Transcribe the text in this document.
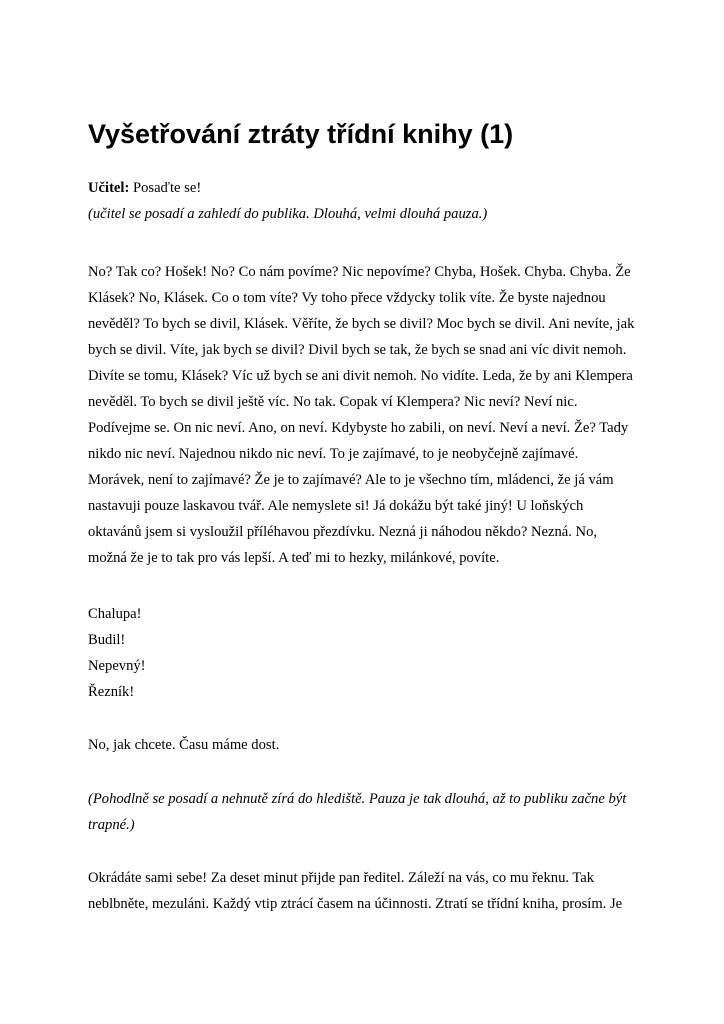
Vyšetřování ztráty třídní knihy (1)
Učitel: Posaďte se!
(učitel se posadí a zahledí do publika. Dlouhá, velmi dlouhá pauza.)
No? Tak co? Hošek! No? Co nám povíme? Nic nepovíme? Chyba, Hošek. Chyba. Chyba. Že
Klásek? No, Klásek. Co o tom víte? Vy toho přece vždycky tolik víte. Že byste najednou
nevěděl? To bych se divil, Klásek. Věříte, že bych se divil? Moc bych se divil. Ani nevíte, jak
bych se divil. Víte, jak bych se divil? Divil bych se tak, že bych se snad ani víc divit nemoh.
Divíte se tomu, Klásek? Víc už bych se ani divit nemoh. No vidíte. Leda, že by ani Klempera
nevěděl. To bych se divil ještě víc. No tak. Copak ví Klempera? Nic neví? Neví nic.
Podívejme se. On nic neví. Ano, on neví. Kdybyste ho zabili, on neví. Neví a neví. Že? Tady
nikdo nic neví. Najednou nikdo nic neví. To je zajímavé, to je neobyčejně zajímavé.
Morávek, není to zajímavé? Že je to zajímavé? Ale to je všechno tím, mládenci, že já vám
nastavuji pouze laskavou tvář. Ale nemyslete si! Já dokážu být také jiný! U loňských
oktavánů jsem si vysloužil příléhavou přezdívku. Nezná ji náhodou někdo? Nezná. No,
možná že je to tak pro vás lepší. A teď mi to hezky, milánkové, povíte.
Chalupa!
Budil!
Nepevný!
Řezník!
No, jak chcete. Času máme dost.
(Pohodlně se posadí a nehnutě zírá do hlediště. Pauza je tak dlouhá, až to publiku začne být
trapné.)
Okrádáte sami sebe! Za deset minut přijde pan ředitel. Záleží na vás, co mu řeknu. Tak
neblbněte, mezuláni. Každý vtip ztrácí časem na účinnosti. Ztratí se třídní kniha, prosím. Je
